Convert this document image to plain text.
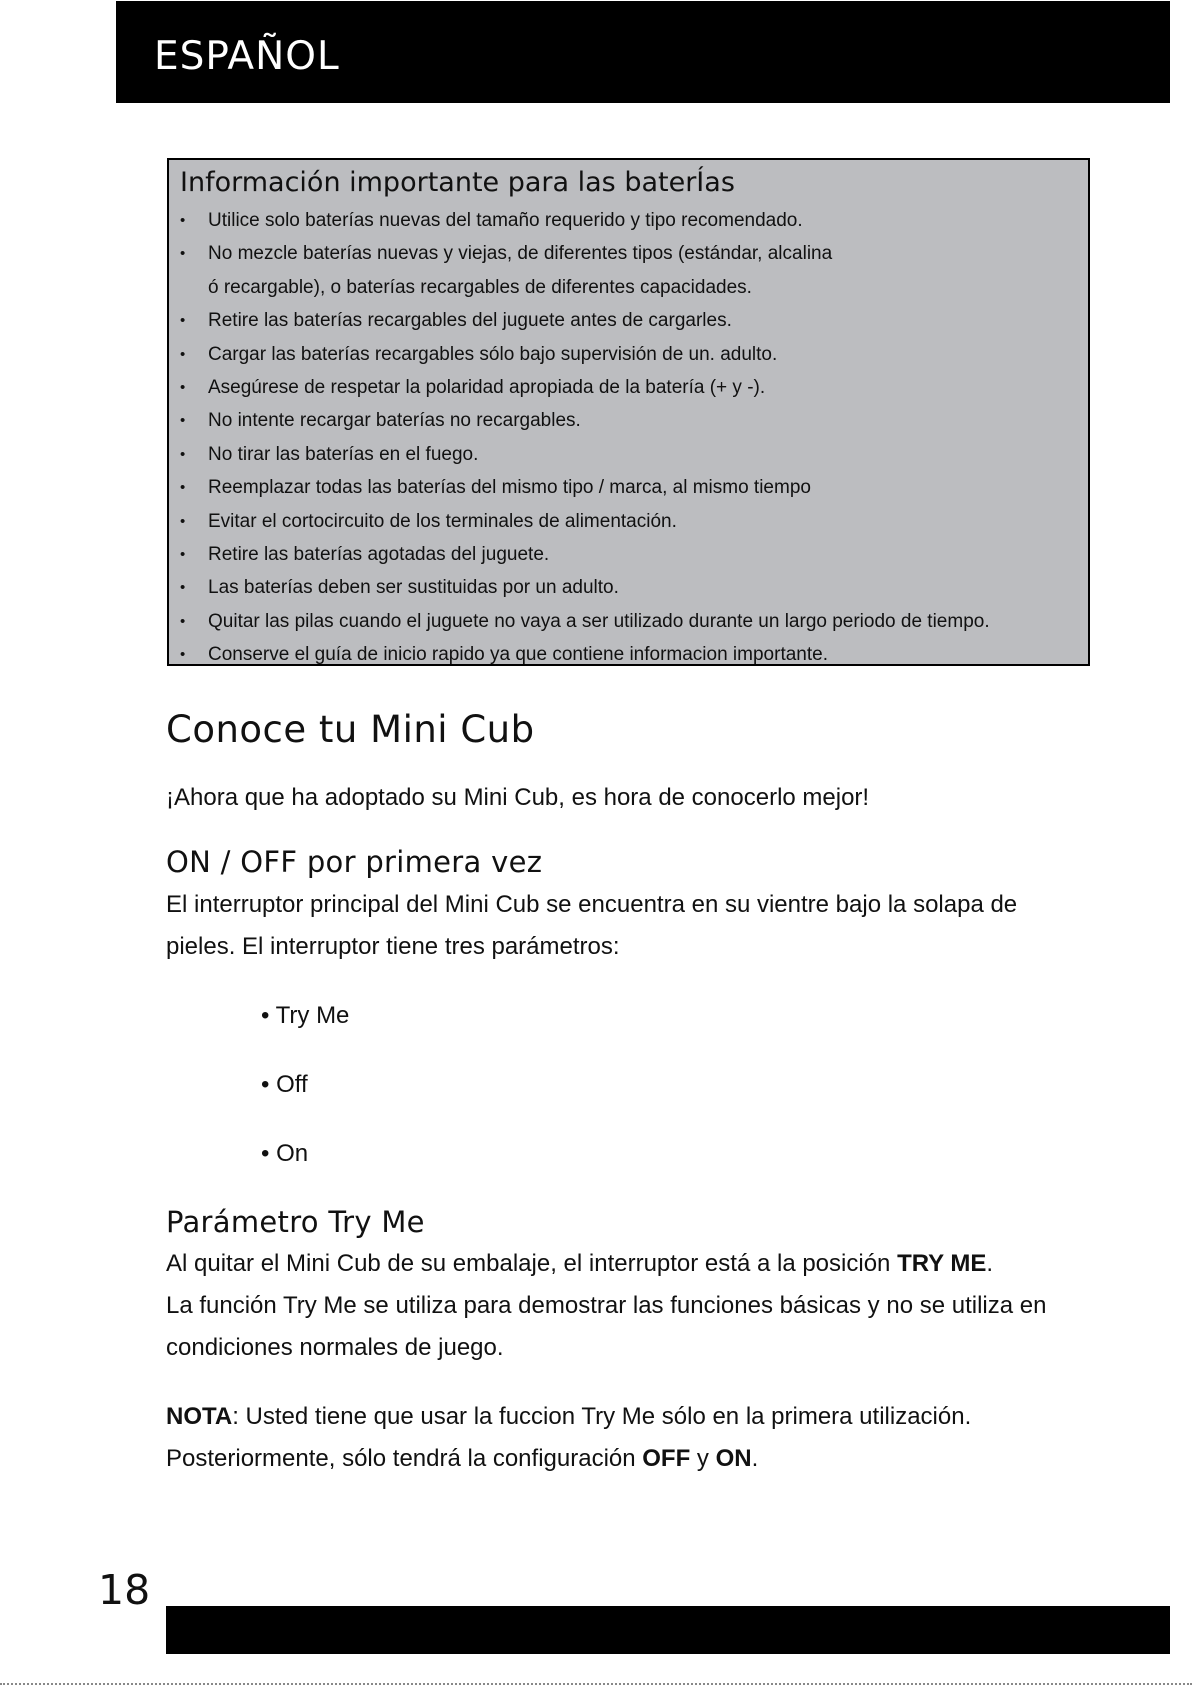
ESPAÑOL
Información importante para las baterÍas
•	Utilice solo baterías nuevas del tamaño requerido y tipo recomendado.
•	No mezcle baterías nuevas y viejas, de diferentes tipos (estándar, alcalina
ó recargable), o baterías recargables de diferentes capacidades.
•	Retire las baterías recargables del juguete antes de cargarles.
•	Cargar las baterías recargables sólo bajo supervisión de un. adulto.
•	Asegúrese de respetar la polaridad apropiada de la batería (+ y -).
•	No intente recargar baterías no recargables.
•	No tirar las baterías en el fuego.
•	Reemplazar todas las baterías del mismo tipo / marca, al mismo tiempo
•	Evitar el cortocircuito de los terminales de alimentación.
•	Retire las baterías agotadas del juguete.
•	Las baterías deben ser sustituidas por un adulto.
•	Quitar las pilas cuando el juguete no vaya a ser utilizado durante un largo periodo de tiempo.
•	Conserve el guía de inicio rapido ya que contiene informacion importante.
Conoce tu Mini Cub
¡Ahora que ha adoptado su Mini Cub, es hora de conocerlo mejor!
ON / OFF por primera vez
El interruptor principal del Mini Cub se encuentra en su vientre bajo la solapa de
pieles. El interruptor tiene tres parámetros:
• Try Me
• Off
• On
Parámetro Try Me
Al quitar el Mini Cub de su embalaje, el interruptor está a la posición TRY ME.
La función Try Me se utiliza para demostrar las funciones básicas y no se utiliza en
condiciones normales de juego.
NOTA: Usted tiene que usar la fuccion Try Me sólo en la primera utilización.
Posteriormente, sólo tendrá la configuración OFF y ON.
18
